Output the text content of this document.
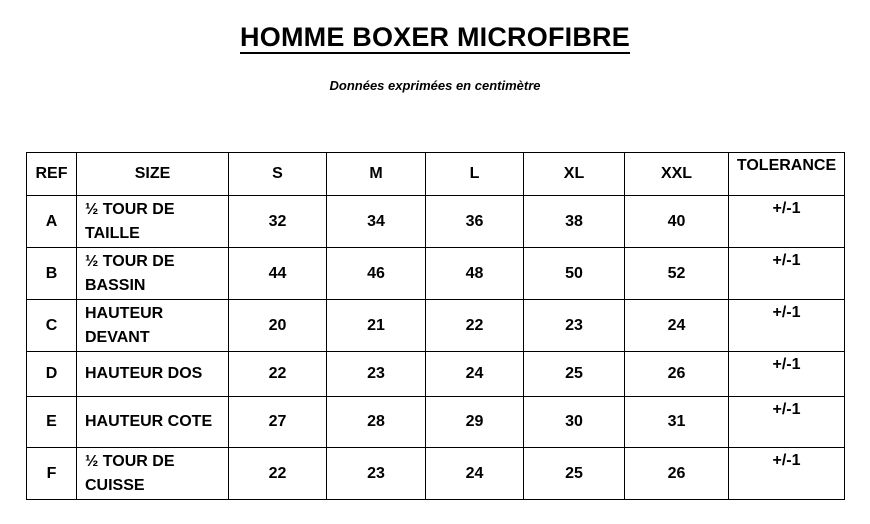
HOMME BOXER MICROFIBRE
Données exprimées en centimètre
REF	SIZE	S	M	L	XL	XXL	TOLERANCE
A	½ TOUR DE TAILLE	32	34	36	38	40	+/-1
B	½ TOUR DE BASSIN	44	46	48	50	52	+/-1
C	HAUTEUR DEVANT	20	21	22	23	24	+/-1
D	HAUTEUR DOS	22	23	24	25	26	+/-1
E	HAUTEUR COTE	27	28	29	30	31	+/-1
F	½ TOUR DE CUISSE	22	23	24	25	26	+/-1
